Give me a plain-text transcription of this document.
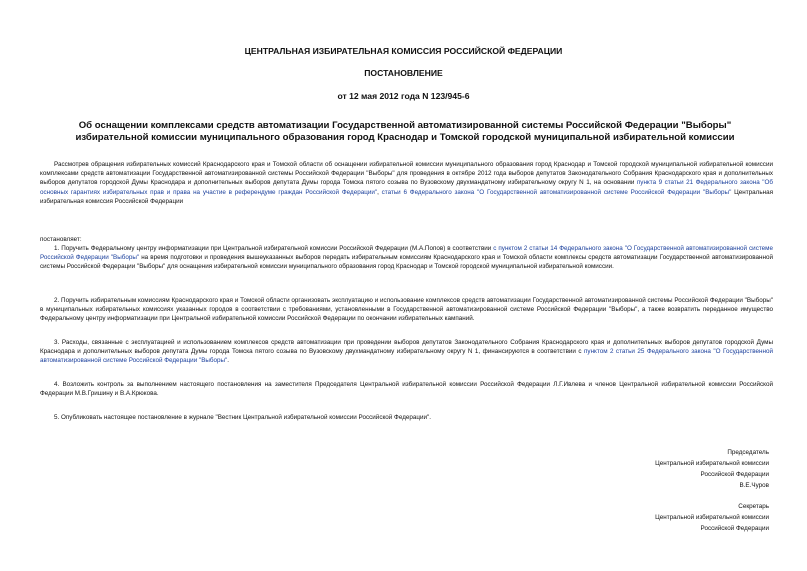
ЦЕНТРАЛЬНАЯ ИЗБИРАТЕЛЬНАЯ КОМИССИЯ РОССИЙСКОЙ ФЕДЕРАЦИИ
ПОСТАНОВЛЕНИЕ
от 12 мая 2012 года N 123/945-6
Об оснащении комплексами средств автоматизации Государственной автоматизированной системы Российской Федерации "Выборы" избирательной комиссии муниципального образования город Краснодар и Томской городской муниципальной избирательной комиссии
Рассмотрев обращения избирательных комиссий Краснодарского края и Томской области об оснащении избирательной комиссии муниципального образования город Краснодар и Томской городской муниципальной избирательной комиссии комплексами средств автоматизации Государственной автоматизированной системы Российской Федерации "Выборы" для проведения в октябре 2012 года выборов депутатов Законодательного Собрания Краснодарского края и дополнительных выборов депутатов городской Думы Краснодара и дополнительных выборов депутата Думы города Томска пятого созыва по Вузовскому двухмандатному избирательному округу N 1, на основании пункта 9 статьи 21 Федерального закона "Об основных гарантиях избирательных прав и права на участие в референдуме граждан Российской Федерации", статьи 6 Федерального закона "О Государственной автоматизированной системе Российской Федерации "Выборы" Центральная избирательная комиссия Российской Федерации
постановляет:
1. Поручить Федеральному центру информатизации при Центральной избирательной комиссии Российской Федерации (М.А.Попов) в соответствии с пунктом 2 статьи 14 Федерального закона "О Государственной автоматизированной системе Российской Федерации "Выборы" на время подготовки и проведения вышеуказанных выборов передать избирательным комиссиям Краснодарского края и Томской области комплексы средств автоматизации Государственной автоматизированной системы Российской Федерации "Выборы" для оснащения избирательной комиссии муниципального образования город Краснодар и Томской городской муниципальной избирательной комиссии.
2. Поручить избирательным комиссиям Краснодарского края и Томской области организовать эксплуатацию и использование комплексов средств автоматизации Государственной автоматизированной системы Российской Федерации "Выборы" в муниципальных избирательных комиссиях указанных городов в соответствии с требованиями, установленными в Государственной автоматизированной системе Российской Федерации "Выборы", а также возвратить переданное имущество Федеральному центру информатизации при Центральной избирательной комиссии Российской Федерации по окончании избирательных кампаний.
3. Расходы, связанные с эксплуатацией и использованием комплексов средств автоматизации при проведении выборов депутатов Законодательного Собрания Краснодарского края и дополнительных выборов депутатов городской Думы Краснодара и дополнительных выборов депутата Думы города Томска пятого созыва по Вузовскому двухмандатному избирательному округу N 1, финансируются в соответствии с пунктом 2 статьи 25 Федерального закона "О Государственной автоматизированной системе Российской Федерации "Выборы".
4. Возложить контроль за выполнением настоящего постановления на заместителя Председателя Центральной избирательной комиссии Российской Федерации Л.Г.Ивлева и членов Центральной избирательной комиссии Российской Федерации М.В.Гришину и В.А.Крюкова.
5. Опубликовать настоящее постановление в журнале "Вестник Центральной избирательной комиссии Российской Федерации".
Председатель
Центральной избирательной комиссии
Российской Федерации
В.Е.Чуров
Секретарь
Центральной избирательной комиссии
Российской Федерации
